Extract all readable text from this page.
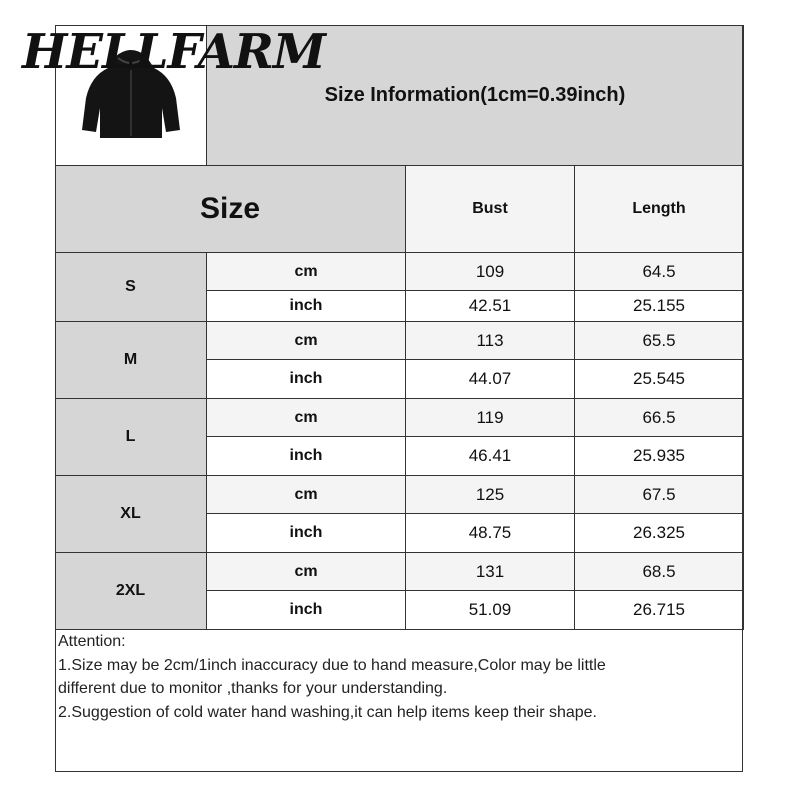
HELLFARM
Size Information(1cm=0.39inch)
Size	Bust	Length
S
cm	109	64.5
inch	42.51	25.155
M
cm	113	65.5
inch	44.07	25.545
L
cm	119	66.5
inch	46.41	25.935
XL
cm	125	67.5
inch	48.75	26.325
2XL
cm	131	68.5
inch	51.09	26.715
Attention:
1.Size may be 2cm/1inch inaccuracy due to hand measure,Color may be little
different due to monitor ,thanks for your understanding.
2.Suggestion of cold water hand washing,it can help items keep their shape.
